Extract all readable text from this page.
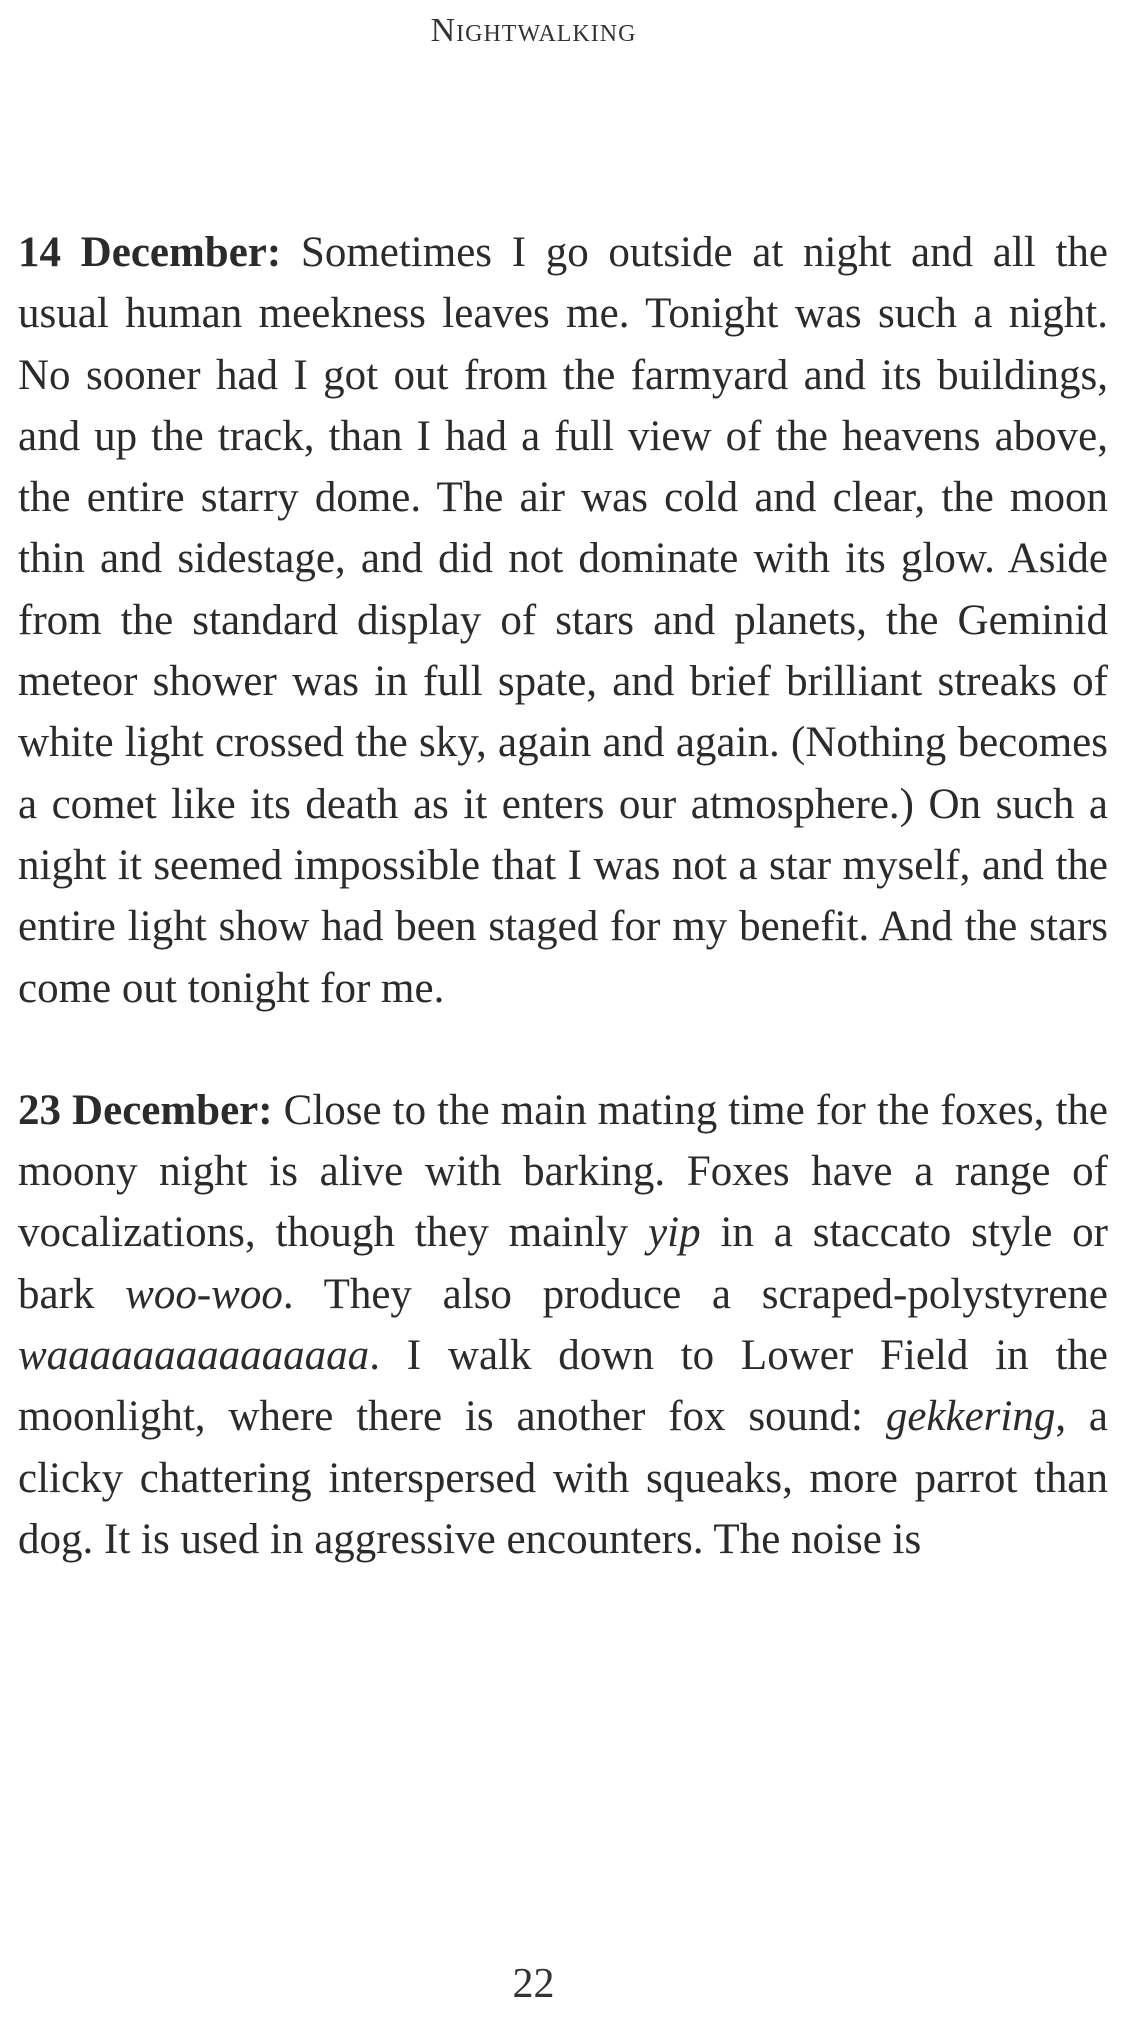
Nightwalking

14 December: Sometimes I go outside at night and all the usual human meekness leaves me. Tonight was such a night. No sooner had I got out from the farmyard and its buildings, and up the track, than I had a full view of the heavens above, the entire starry dome. The air was cold and clear, the moon thin and sidestage, and did not dominate with its glow. Aside from the standard display of stars and planets, the Geminid meteor shower was in full spate, and brief brilliant streaks of white light crossed the sky, again and again. (Nothing becomes a comet like its death as it enters our atmosphere.) On such a night it seemed impossible that I was not a star myself, and the entire light show had been staged for my benefit. And the stars come out tonight for me.

23 December: Close to the main mating time for the foxes, the moony night is alive with barking. Foxes have a range of vocalizations, though they mainly yip in a staccato style or bark woo-woo. They also produce a scraped-polystyrene waaaaaaaaaaaaaaa. I walk down to Lower Field in the moonlight, where there is another fox sound: gekkering, a clicky chattering interspersed with squeaks, more parrot than dog. It is used in aggressive encounters. The noise is

22
